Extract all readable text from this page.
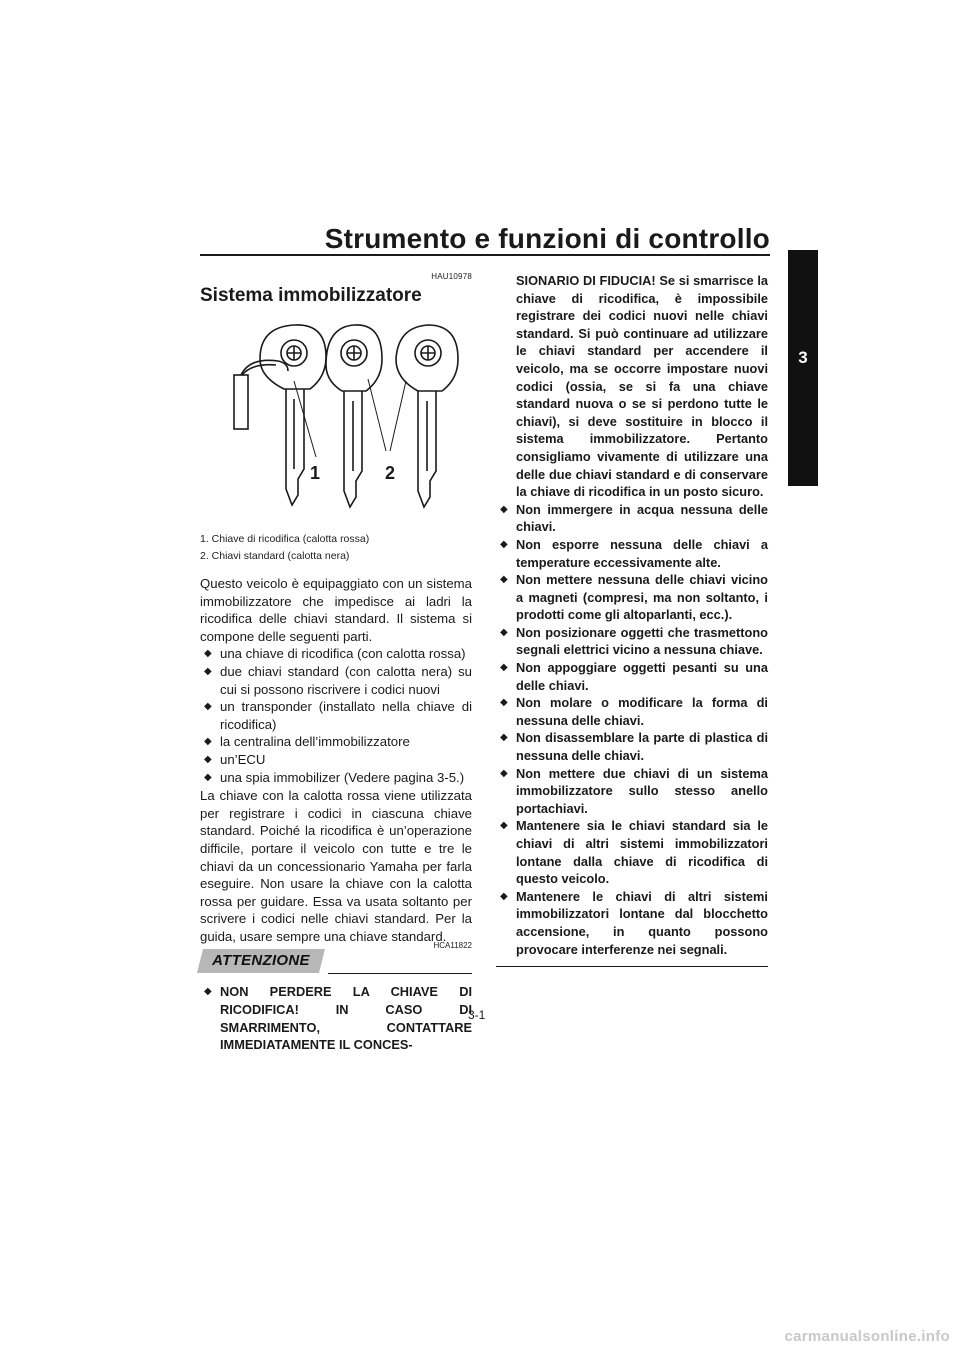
Strumento e funzioni di controllo
3
HAU10978
Sistema immobilizzatore
1	2
1. Chiave di ricodifica (calotta rossa)
2. Chiavi standard (calotta nera)

Questo veicolo è equipaggiato con un sistema immobilizzatore che impedisce ai ladri la ricodifica delle chiavi standard. Il sistema si compone delle seguenti parti.

◆ una chiave di ricodifica (con calotta rossa)
◆ due chiavi standard (con calotta nera) su cui si possono riscrivere i codici nuovi
◆ un transponder (installato nella chiave di ricodifica)
◆ la centralina dell’immobilizzatore
◆ un’ECU
◆ una spia immobilizer (Vedere pagina 3-5.)

La chiave con la calotta rossa viene utilizzata per registrare i codici in ciascuna chiave standard. Poiché la ricodifica è un’operazione difficile, portare il veicolo con tutte e tre le chiavi da un concessionario Yamaha per farla eseguire. Non usare la chiave con la calotta rossa per guidare. Essa va usata soltanto per scrivere i codici nelle chiavi standard. Per la guida, usare sempre una chiave standard.

ATTENZIONE
HCA11822
◆ NON PERDERE LA CHIAVE DI RICODIFICA! IN CASO DI SMARRIMENTO, CONTATTARE IMMEDIATAMENTE IL CONCES-

SIONARIO DI FIDUCIA! Se si smarrisce la chiave di ricodifica, è impossibile registrare dei codici nuovi nelle chiavi standard. Si può continuare ad utilizzare le chiavi standard per accendere il veicolo, ma se occorre impostare nuovi codici (ossia, se si fa una chiave standard nuova o se si perdono tutte le chiavi), si deve sostituire in blocco il sistema immobilizzatore. Pertanto consigliamo vivamente di utilizzare una delle due chiavi standard e di conservare la chiave di ricodifica in un posto sicuro.

◆ Non immergere in acqua nessuna delle chiavi.
◆ Non esporre nessuna delle chiavi a temperature eccessivamente alte.
◆ Non mettere nessuna delle chiavi vicino a magneti (compresi, ma non soltanto, i prodotti come gli altoparlanti, ecc.).
◆ Non posizionare oggetti che trasmettono segnali elettrici vicino a nessuna chiave.
◆ Non appoggiare oggetti pesanti su una delle chiavi.
◆ Non molare o modificare la forma di nessuna delle chiavi.
◆ Non disassemblare la parte di plastica di nessuna delle chiavi.
◆ Non mettere due chiavi di un sistema immobilizzatore sullo stesso anello portachiavi.
◆ Mantenere sia le chiavi standard sia le chiavi di altri sistemi immobilizzatori lontane dalla chiave di ricodifica di questo veicolo.
◆ Mantenere le chiavi di altri sistemi immobilizzatori lontane dal blocchetto accensione, in quanto possono provocare interferenze nei segnali.
3-1
carmanualsonline.info
